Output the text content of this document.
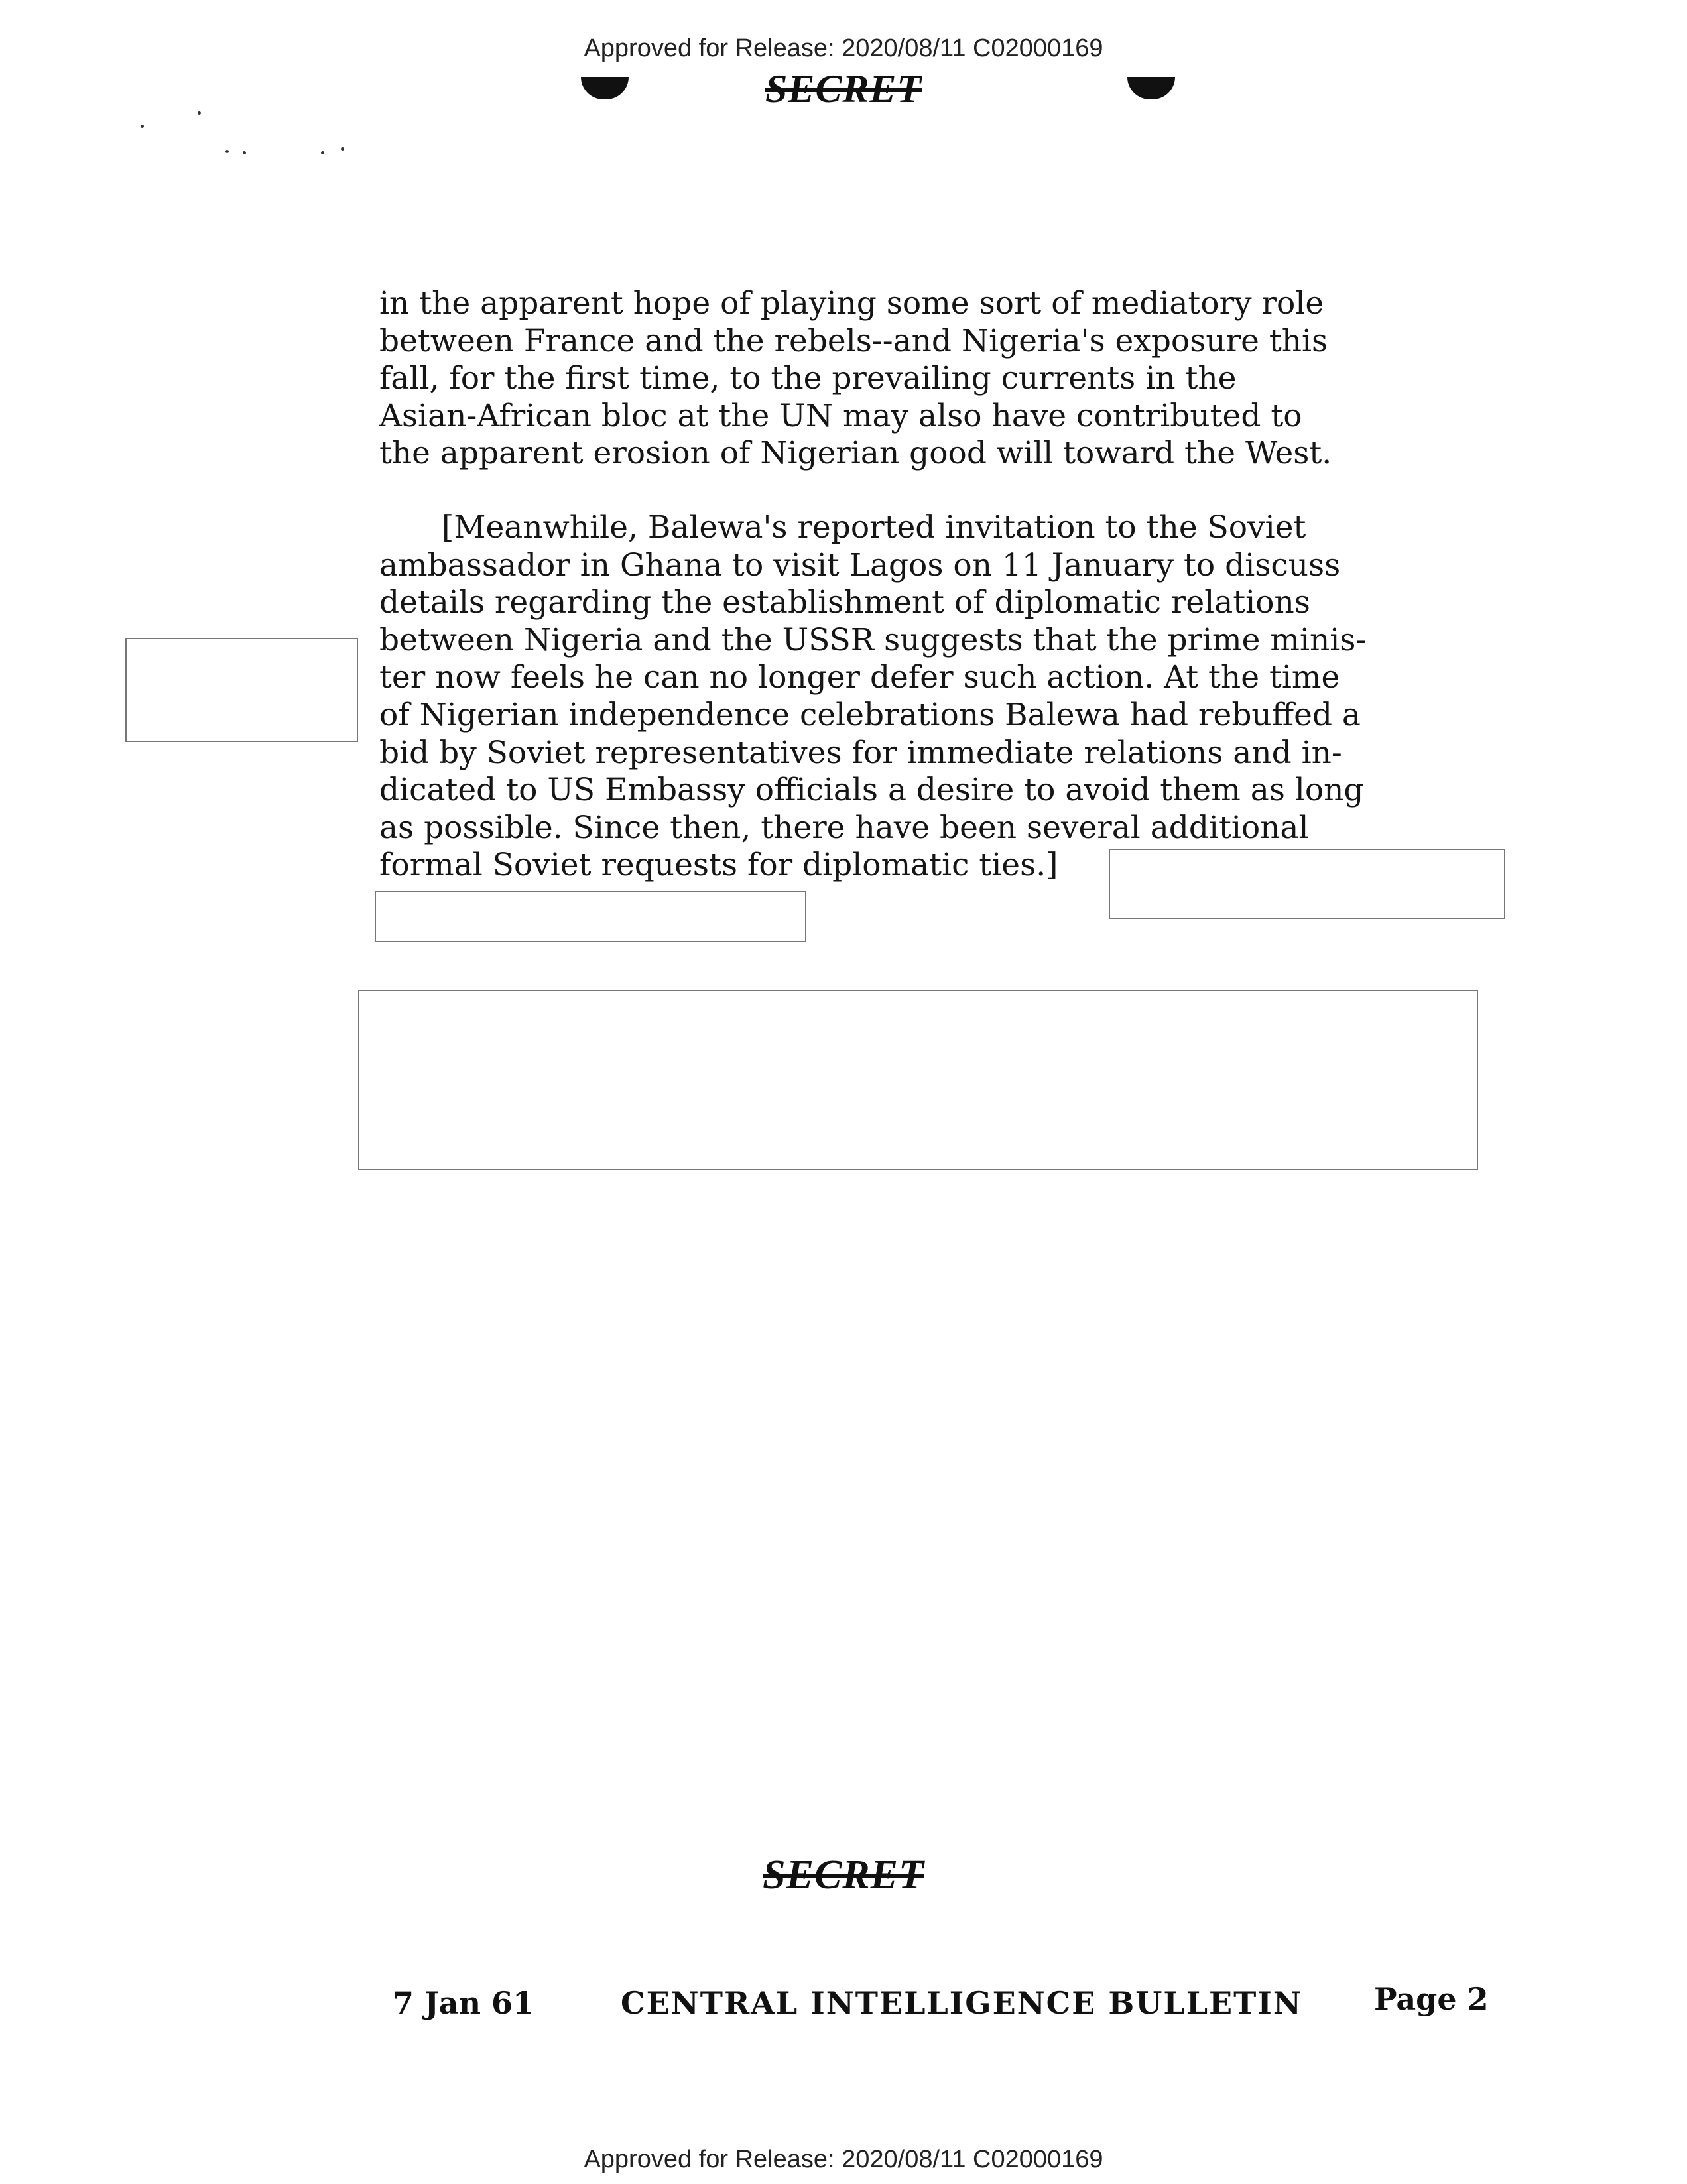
Approved for Release: 2020/08/11 C02000169
SECRET
in the apparent hope of playing some sort of mediatory role
between France and the rebels--and Nigeria's exposure this
fall, for the first time, to the prevailing currents in the
Asian-African bloc at the UN may also have contributed to
the apparent erosion of Nigerian good will toward the West.
[Meanwhile, Balewa's reported invitation to the Soviet
ambassador in Ghana to visit Lagos on 11 January to discuss
details regarding the establishment of diplomatic relations
between Nigeria and the USSR suggests that the prime minis-
ter now feels he can no longer defer such action. At the time
of Nigerian independence celebrations Balewa had rebuffed a
bid by Soviet representatives for immediate relations and in-
dicated to US Embassy officials a desire to avoid them as long
as possible. Since then, there have been several additional
formal Soviet requests for diplomatic ties.]
SECRET
7 Jan 61	CENTRAL INTELLIGENCE BULLETIN Page 2
Approved for Release: 2020/08/11 C02000169
